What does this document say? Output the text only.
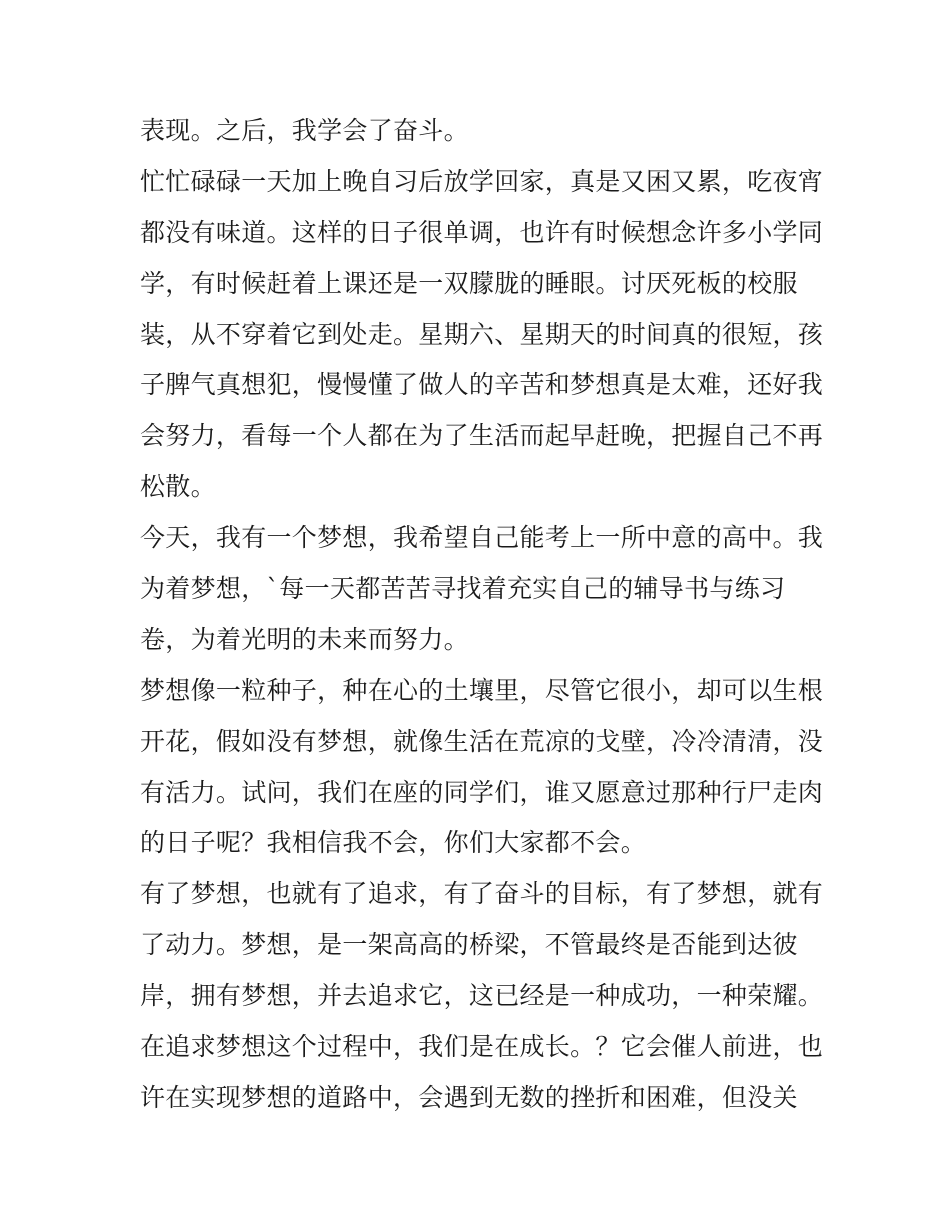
表现。之后，我学会了奋斗。
忙忙碌碌一天加上晚自习后放学回家，真是又困又累，吃夜宵
都没有味道。这样的日子很单调，也许有时候想念许多小学同
学，有时候赶着上课还是一双朦胧的睡眼。讨厌死板的校服
装，从不穿着它到处走。星期六、星期天的时间真的很短，孩
子脾气真想犯，慢慢懂了做人的辛苦和梦想真是太难，还好我
会努力，看每一个人都在为了生活而起早赶晚，把握自己不再
松散。
今天，我有一个梦想，我希望自己能考上一所中意的高中。我
为着梦想，`每一天都苦苦寻找着充实自己的辅导书与练习
卷，为着光明的未来而努力。
梦想像一粒种子，种在心的土壤里，尽管它很小，却可以生根
开花，假如没有梦想，就像生活在荒凉的戈壁，冷冷清清，没
有活力。试问，我们在座的同学们，谁又愿意过那种行尸走肉
的日子呢？我相信我不会，你们大家都不会。
有了梦想，也就有了追求，有了奋斗的目标，有了梦想，就有
了动力。梦想，是一架高高的桥梁，不管最终是否能到达彼
岸，拥有梦想，并去追求它，这已经是一种成功，一种荣耀。
在追求梦想这个过程中，我们是在成长。？它会催人前进，也
许在实现梦想的道路中，会遇到无数的挫折和困难，但没关
